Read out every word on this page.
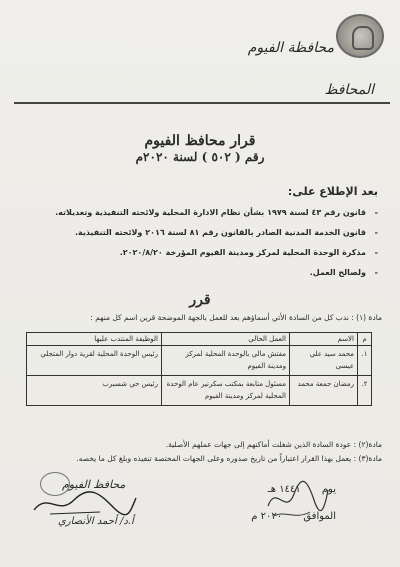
محافظة الفيوم
المحافظ
قرار محافظ الفيوم
رقم ( ٥٠٢ ) لسنة ٢٠٢٠م
بعد الإطلاع على:
- قانون رقم ٤٣ لسنة ١٩٧٩ بشأن نظام الادارة المحلية ولائحته التنفيذية وتعديلاته.
- قانون الخدمة المدنية الصادر بالقانون رقم ٨١ لسنة ٢٠١٦ ولائحته التنفيذية.
- مذكرة الوحدة المحلية لمركز ومدينة الفيوم المؤرخة ٢٠٢٠/٨/٢٠.
- ولصالح العمل.
قرر
مادة (١) : ندب كل من السادة الأتي أسماؤهم بعد للعمل بالجهة الموضحة قرين اسم كل منهم :
م	الاسم	العمل الحالي	الوظيفة المنتدب عليها
١.	محمد سيد علي عيسى	مفتش مالي بالوحدة المحلية لمركز ومدينة الفيوم	رئيس الوحدة المحلية لقرية دوار المتجلي
٢.	رمضان جمعة محمد	مسئول متابعة بمكتب سكرتير عام الوحدة المحلية لمركز ومدينة الفيوم	رئيس حي شسبرب
مادة(٢) : عودة السادة الذين شغلت أماكنهم إلى جهات عملهم الأصلية.
مادة(٣) : يعمل بهذا القرار اعتباراً من تاريخ صدوره وعلى الجهات المختصة تنفيذه وبلغ كل ما يخصه.
يوم ١٤٤١ هـ
الموافق ٢٠٢٠ م
محافظ الفيوم
أ.د/ أحمد الأنصاري
